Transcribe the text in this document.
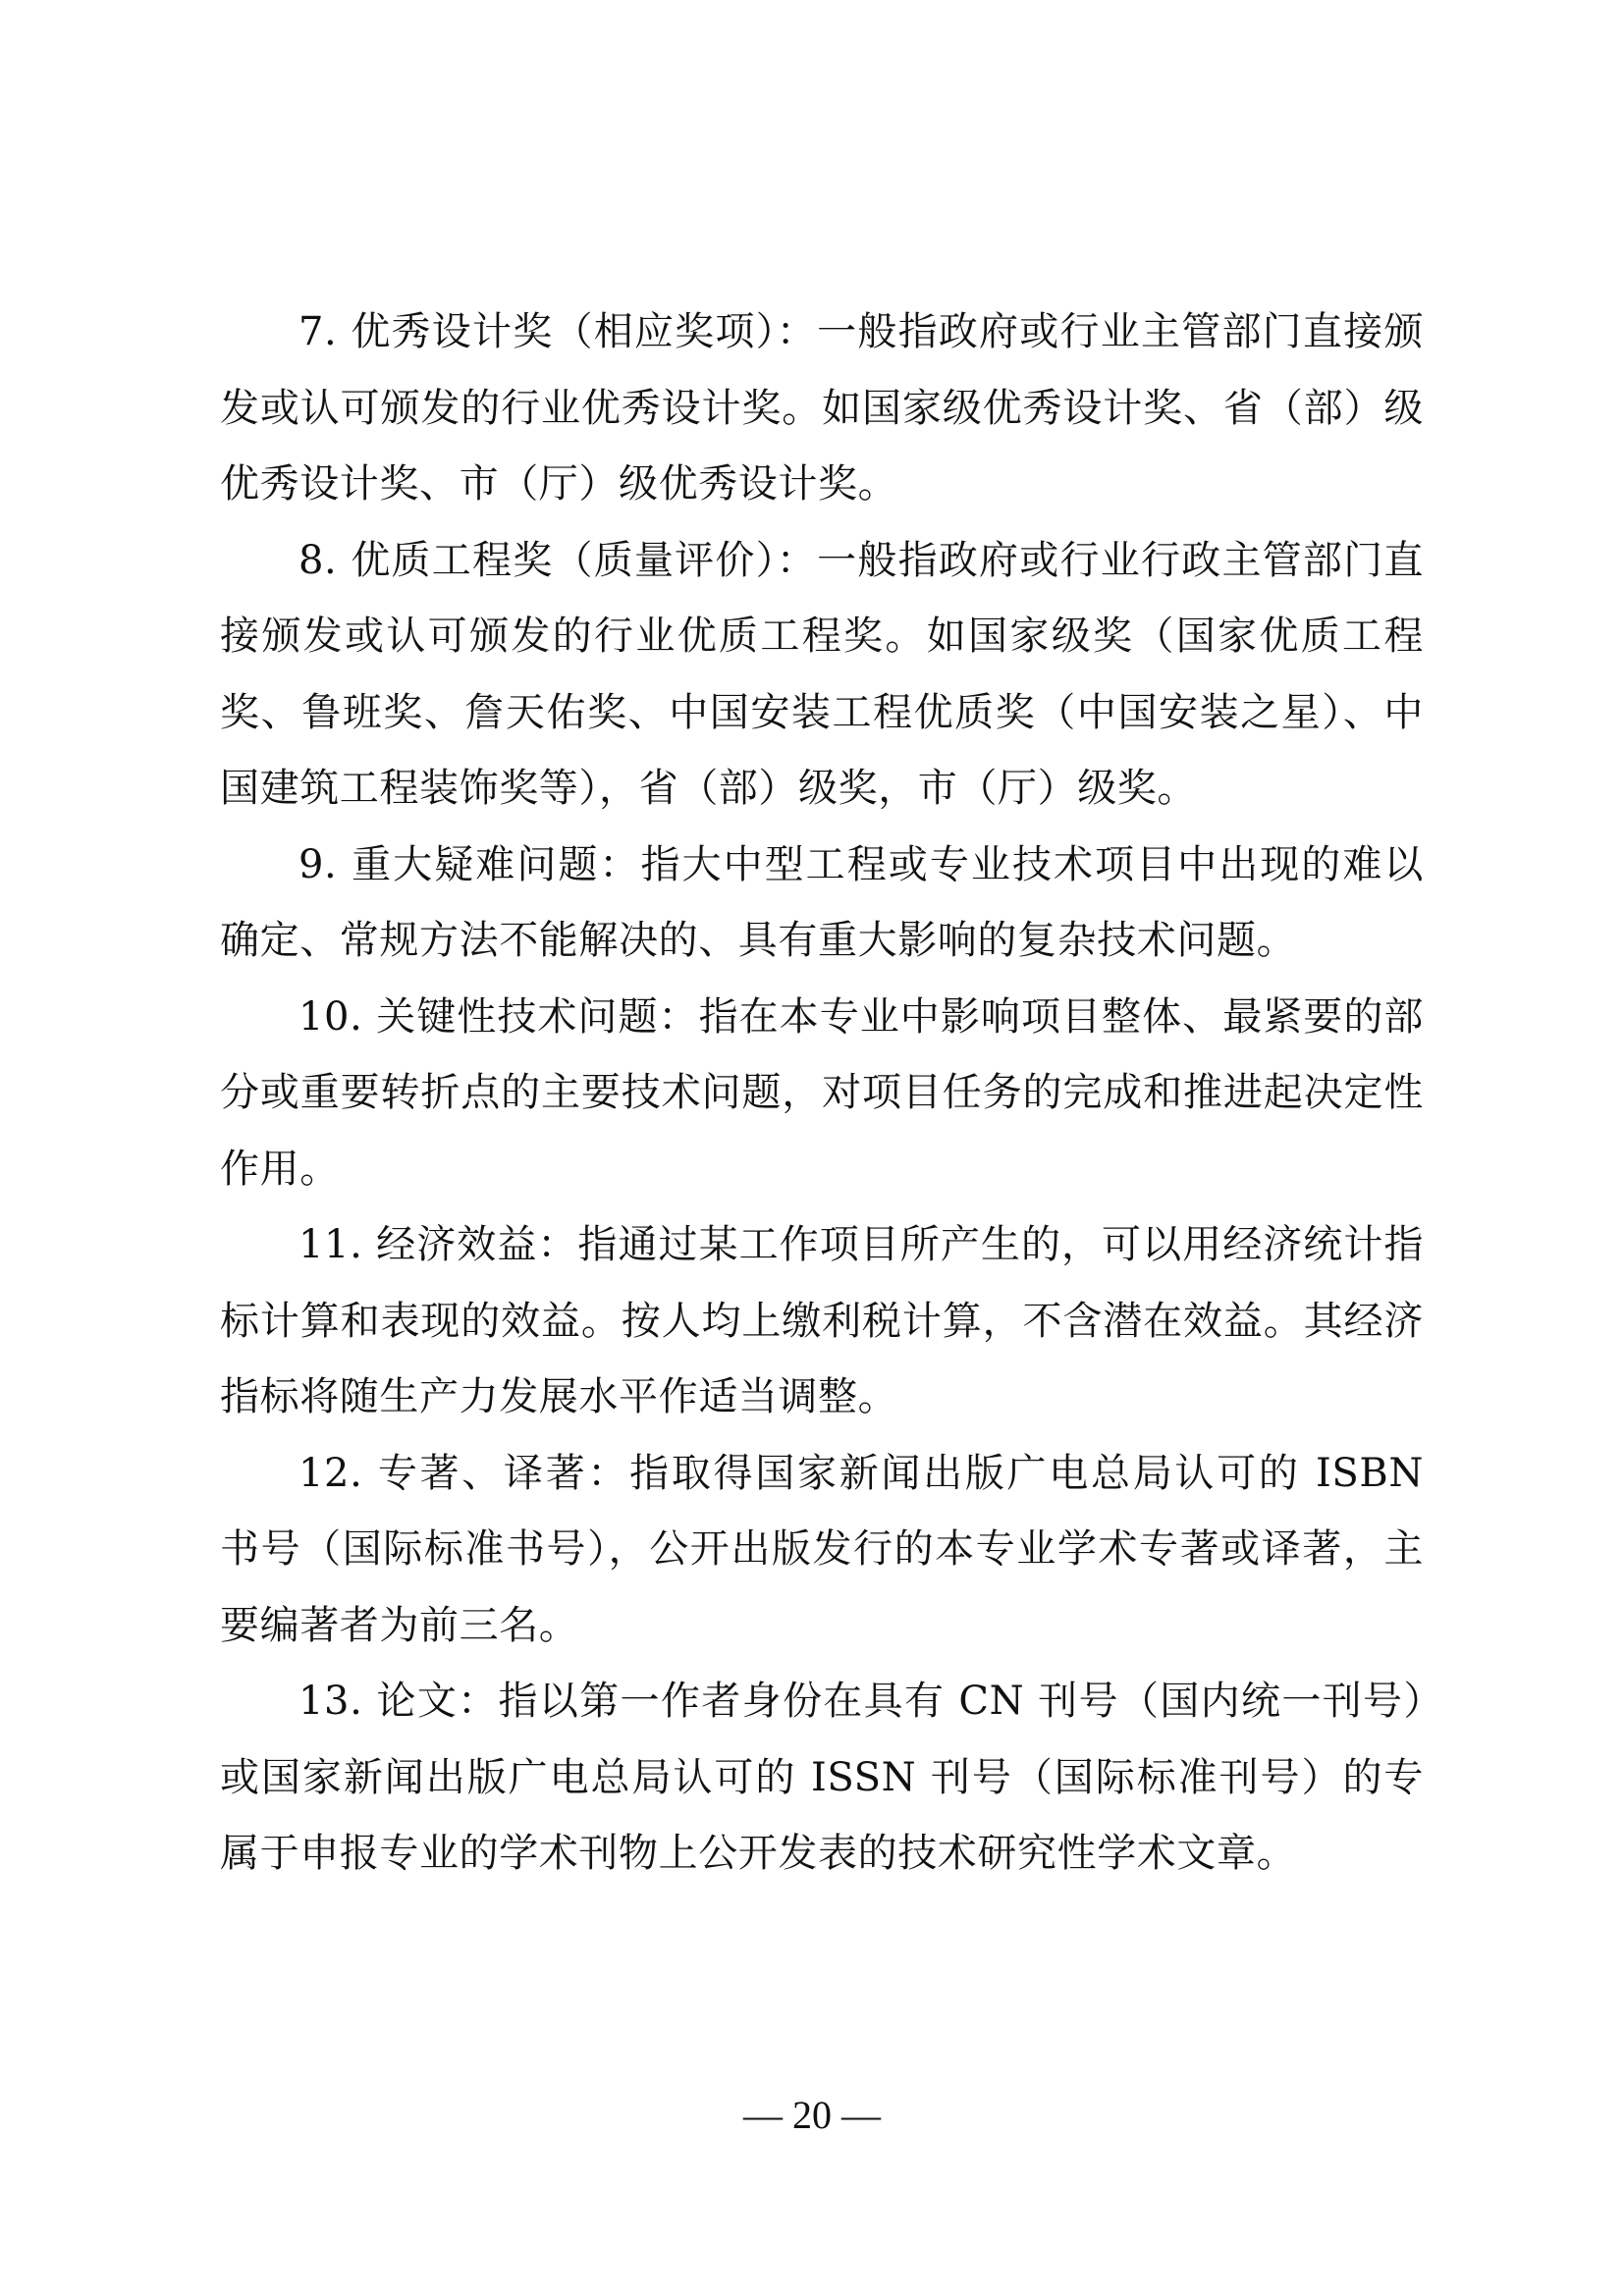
7. 优秀设计奖（相应奖项）：一般指政府或行业主管部门直接颁发或认可颁发的行业优秀设计奖。如国家级优秀设计奖、省（部）级优秀设计奖、市（厅）级优秀设计奖。

8. 优质工程奖（质量评价）：一般指政府或行业行政主管部门直接颁发或认可颁发的行业优质工程奖。如国家级奖（国家优质工程奖、鲁班奖、詹天佑奖、中国安装工程优质奖（中国安装之星）、中国建筑工程装饰奖等），省（部）级奖，市（厅）级奖。

9. 重大疑难问题：指大中型工程或专业技术项目中出现的难以确定、常规方法不能解决的、具有重大影响的复杂技术问题。

10. 关键性技术问题：指在本专业中影响项目整体、最紧要的部分或重要转折点的主要技术问题，对项目任务的完成和推进起决定性作用。

11. 经济效益：指通过某工作项目所产生的，可以用经济统计指标计算和表现的效益。按人均上缴利税计算，不含潜在效益。其经济指标将随生产力发展水平作适当调整。

12. 专著、译著：指取得国家新闻出版广电总局认可的 ISBN 书号（国际标准书号），公开出版发行的本专业学术专著或译著，主要编著者为前三名。

13. 论文：指以第一作者身份在具有 CN 刊号（国内统一刊号）或国家新闻出版广电总局认可的 ISSN 刊号（国际标准刊号）的专属于申报专业的学术刊物上公开发表的技术研究性学术文章。

— 20 —
